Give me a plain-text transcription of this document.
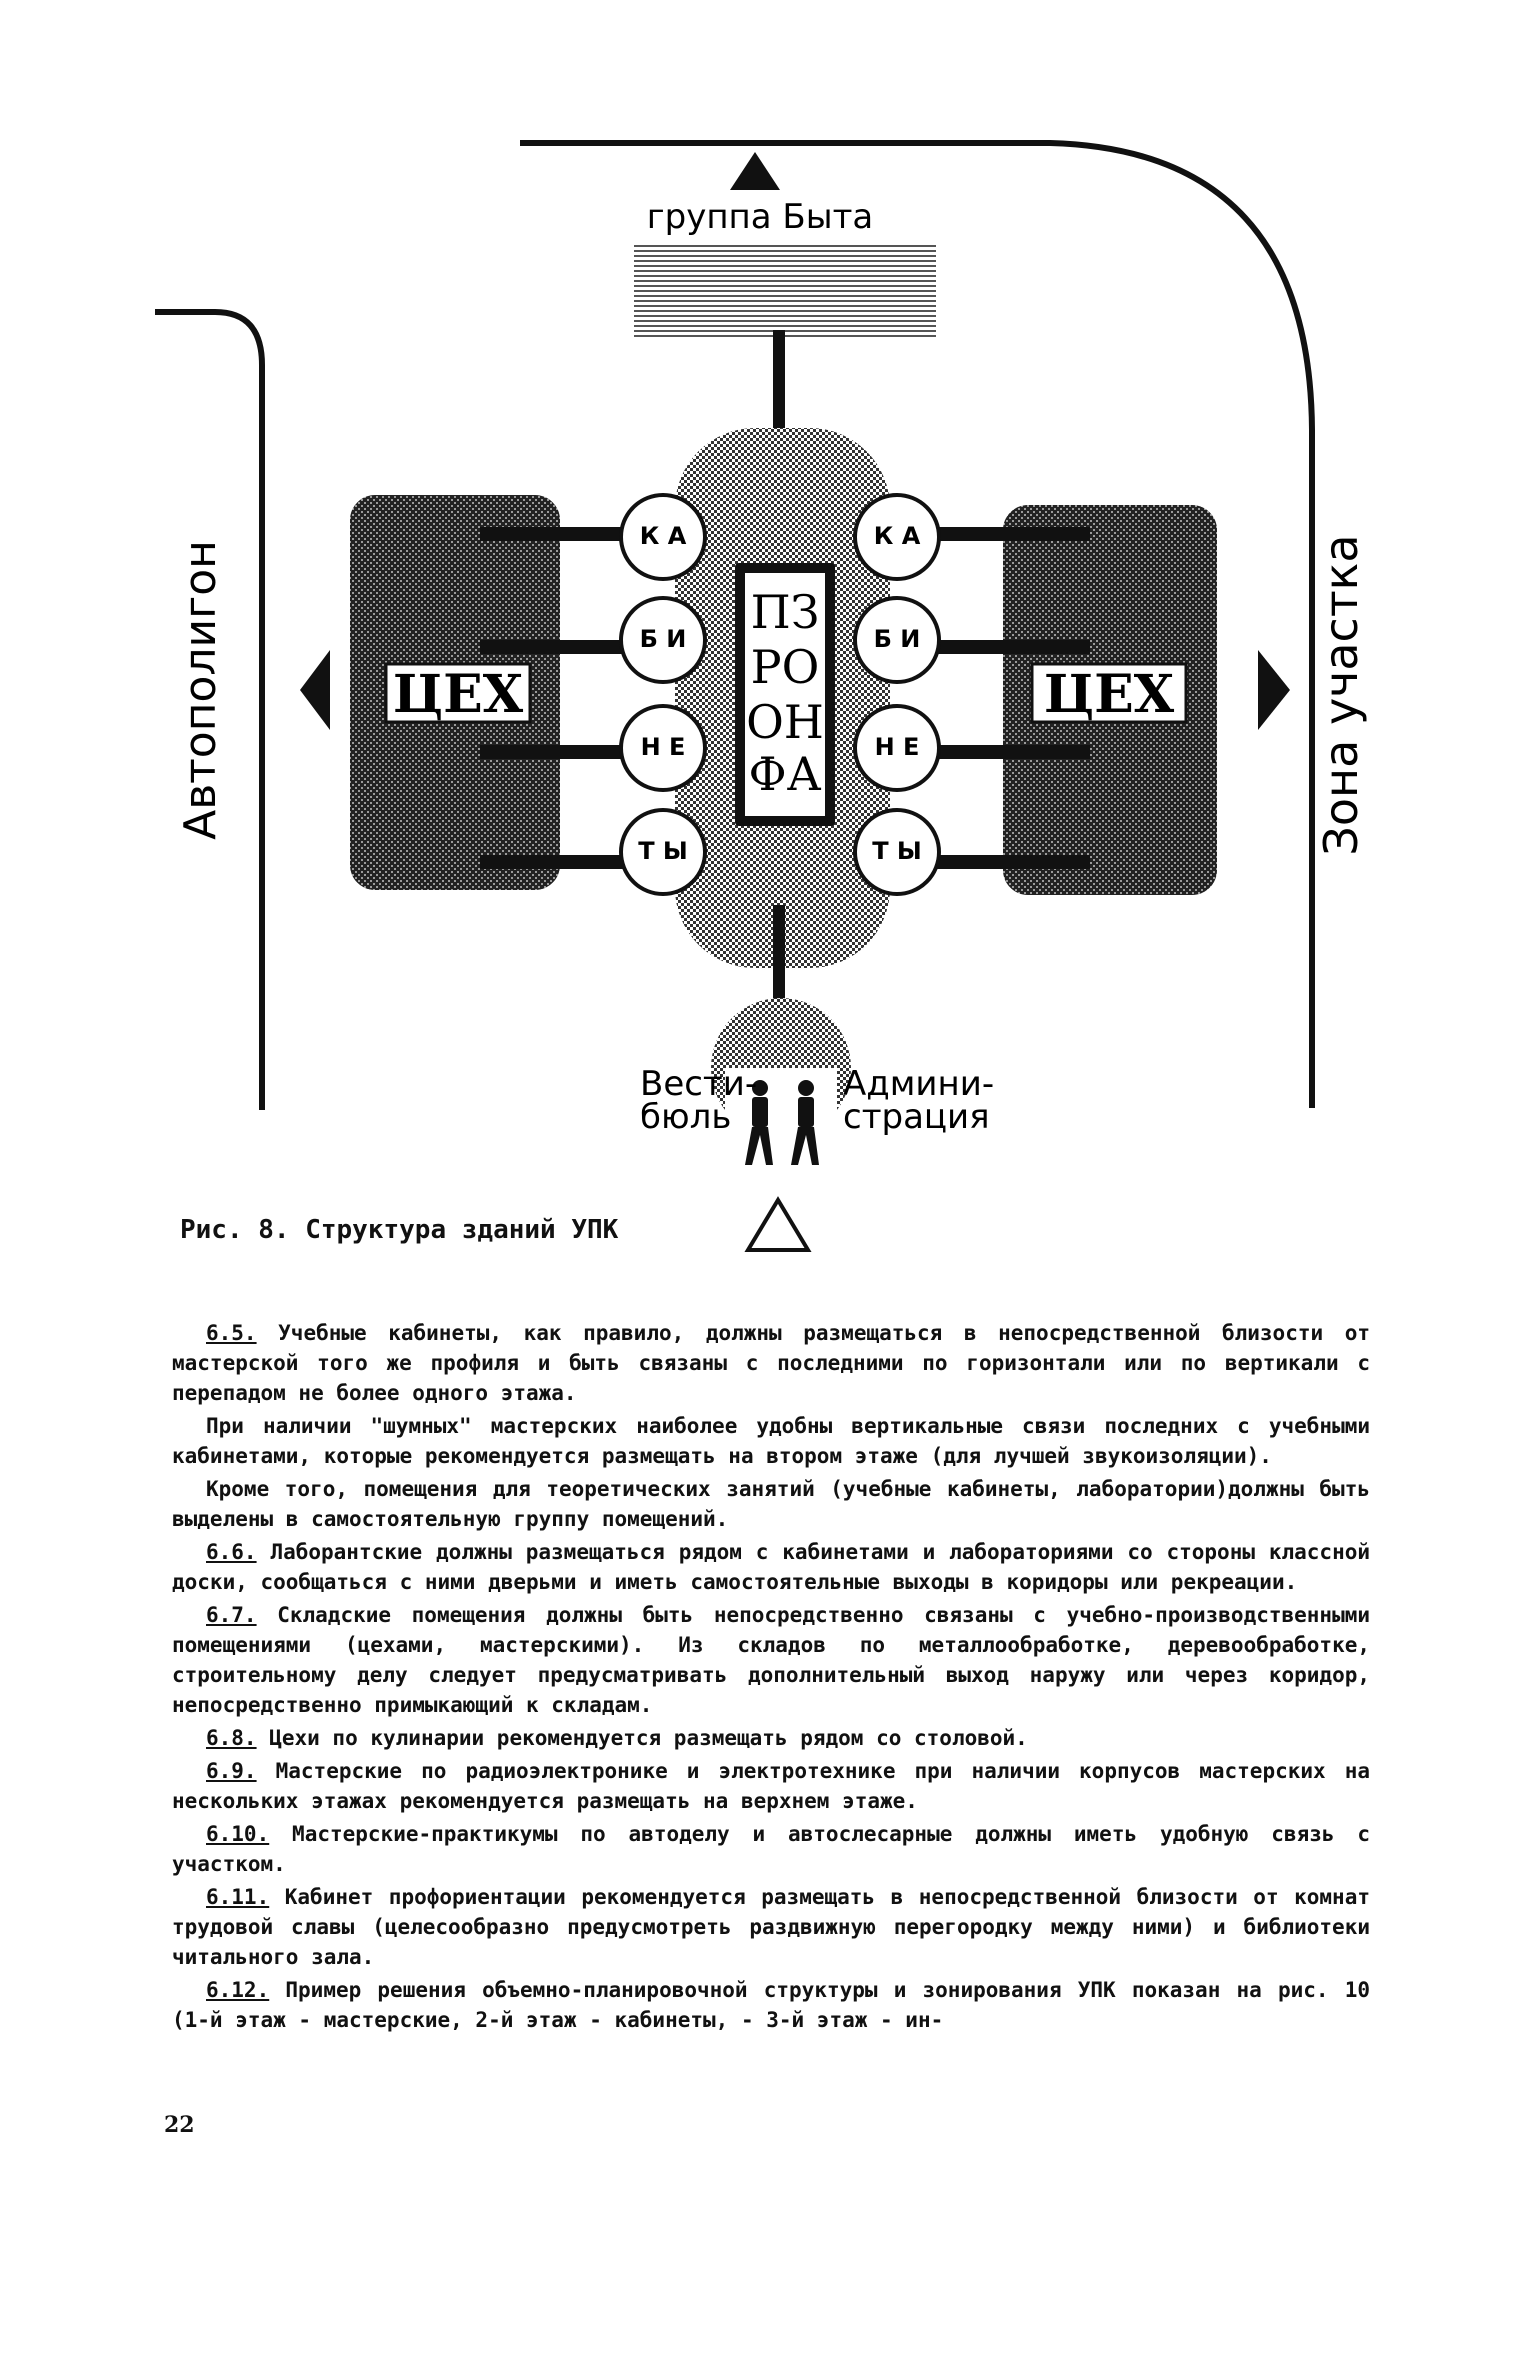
группа Быта
ЦЕХ	ЦЕХ
К А
Б И
Н Е
Т Ы
К А
Б И
Н Е
Т Ы
ПЗ
РО
ОН
ФА
Вести-
бюль
Админи-
страция
Автополигон	Зона участка
Рис. 8. Структура зданий УПК

6.5. Учебные кабинеты, как правило, должны размещаться в непосредственной близости от мастерской того же профиля и быть связаны с последними по горизонтали или по вертикали с перепадом не более одного этажа.

При наличии "шумных" мастерских наиболее удобны вертикальные связи последних с учебными кабинетами, которые рекомендуется размещать на втором этаже (для лучшей звукоизоляции).

Кроме того, помещения для теоретических занятий (учебные кабинеты, лаборатории)должны быть выделены в самостоятельную группу помещений.

6.6. Лаборантские должны размещаться рядом с кабинетами и лабораториями со стороны классной доски, сообщаться с ними дверьми и иметь самостоятельные выходы в коридоры или рекреации.

6.7. Складские помещения должны быть непосредственно связаны с учебно-производственными помещениями (цехами, мастерскими). Из складов по металлообработке, деревообработке, строительному делу следует предусматривать дополнительный выход наружу или через коридор, непосредственно примыкающий к складам.

6.8. Цехи по кулинарии рекомендуется размещать рядом со столовой.

6.9. Мастерские по радиоэлектронике и электротехнике при наличии корпусов мастерских на нескольких этажах рекомендуется размещать на верхнем этаже.

6.10. Мастерские-практикумы по автоделу и автослесарные должны иметь удобную связь с участком.

6.11. Кабинет профориентации рекомендуется размещать в непосредственной близости от комнат трудовой славы (целесообразно предусмотреть раздвижную перегородку между ними) и библиотеки читального зала.

6.12. Пример решения объемно-планировочной структуры и зонирования УПК показан на рис. 10 (1-й этаж - мастерские, 2-й этаж - кабинеты, - 3-й этаж - ин-

22
